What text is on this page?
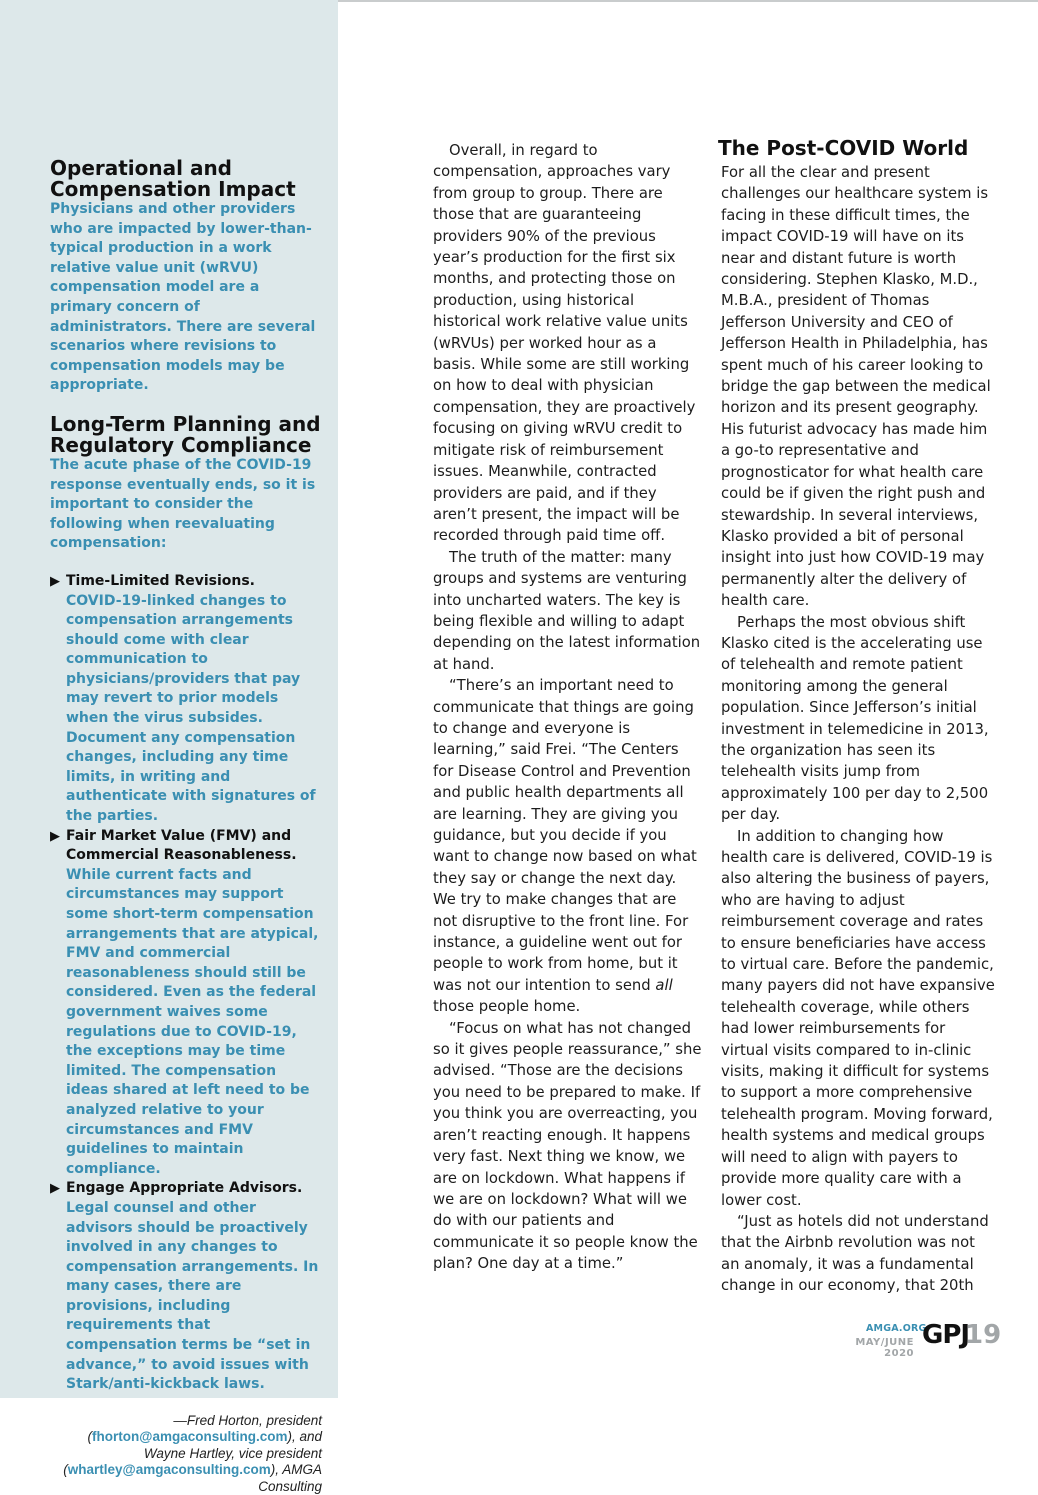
Operational and Compensation Impact

Physicians and other providers who are impacted by lower-than-typical production in a work relative value unit (wRVU) compensation model are a primary concern of administrators. There are several scenarios where revisions to compensation models may be appropriate.

Long-Term Planning and Regulatory Compliance

The acute phase of the COVID-19 response eventually ends, so it is important to consider the following when reevaluating compensation:

▶ Time-Limited Revisions.
COVID-19-linked changes to compensation arrangements should come with clear communication to physicians/providers that pay may revert to prior models when the virus subsides. Document any compensation changes, including any time limits, in writing and authenticate with signatures of the parties.
▶ Fair Market Value (FMV) and Commercial Reasonableness. While current facts and circumstances may support some short-term compensation arrangements that are atypical, FMV and commercial reasonableness should still be considered. Even as the federal government waives some regulations due to COVID-19, the exceptions may be time limited. The compensation ideas shared at left need to be analyzed relative to your circumstances and FMV guidelines to maintain compliance.
▶ Engage Appropriate Advisors. Legal counsel and other advisors should be proactively involved in any changes to compensation arrangements. In many cases, there are provisions, including requirements that compensation terms be “set in advance,” to avoid issues with Stark/anti-kickback laws.

—Fred Horton, president (fhorton@amgaconsulting.com), and Wayne Hartley, vice president (whartley@amgaconsulting.com), AMGA Consulting

Overall, in regard to compensation, approaches vary from group to group. There are those that are guaranteeing providers 90% of the previous year’s production for the first six months, and protecting those on production, using historical historical work relative value units (wRVUs) per worked hour as a basis. While some are still working on how to deal with physician compensation, they are proactively focusing on giving wRVU credit to mitigate risk of reimbursement issues. Meanwhile, contracted providers are paid, and if they aren’t present, the impact will be recorded through paid time off.

The truth of the matter: many groups and systems are venturing into uncharted waters. The key is being flexible and willing to adapt depending on the latest information at hand.

“There’s an important need to communicate that things are going to change and everyone is learning,” said Frei. “The Centers for Disease Control and Prevention and public health departments all are learning. They are giving you guidance, but you decide if you want to change now based on what they say or change the next day. We try to make changes that are not disruptive to the front line. For instance, a guideline went out for people to work from home, but it was not our intention to send all those people home.

“Focus on what has not changed so it gives people reassurance,” she advised. “Those are the decisions you need to be prepared to make. If you think you are overreacting, you aren’t reacting enough. It happens very fast. Next thing we know, we are on lockdown. What happens if we are on lockdown? What will we do with our patients and communicate it so people know the plan? One day at a time.”

The Post-COVID World

For all the clear and present challenges our healthcare system is facing in these difficult times, the impact COVID-19 will have on its near and distant future is worth considering. Stephen Klasko, M.D., M.B.A., president of Thomas Jefferson University and CEO of Jefferson Health in Philadelphia, has spent much of his career looking to bridge the gap between the medical horizon and its present geography. His futurist advocacy has made him a go-to representative and prognosticator for what health care could be if given the right push and stewardship. In several interviews, Klasko provided a bit of personal insight into just how COVID-19 may permanently alter the delivery of health care.

Perhaps the most obvious shift Klasko cited is the accelerating use of telehealth and remote patient monitoring among the general population. Since Jefferson’s initial investment in telemedicine in 2013, the organization has seen its telehealth visits jump from approximately 100 per day to 2,500 per day.

In addition to changing how health care is delivered, COVID-19 is also altering the business of payers, who are having to adjust reimbursement coverage and rates to ensure beneficiaries have access to virtual care. Before the pandemic, many payers did not have expansive telehealth coverage, while others had lower reimbursements for virtual visits compared to in-clinic visits, making it difficult for systems to support a more comprehensive telehealth program. Moving forward, health systems and medical groups will need to align with payers to provide more quality care with a lower cost.

“Just as hotels did not understand that the Airbnb revolution was not an anomaly, it was a fundamental change in our economy, that 20th

AMGA.ORG
MAY/JUNE 2020
GPJ
19
